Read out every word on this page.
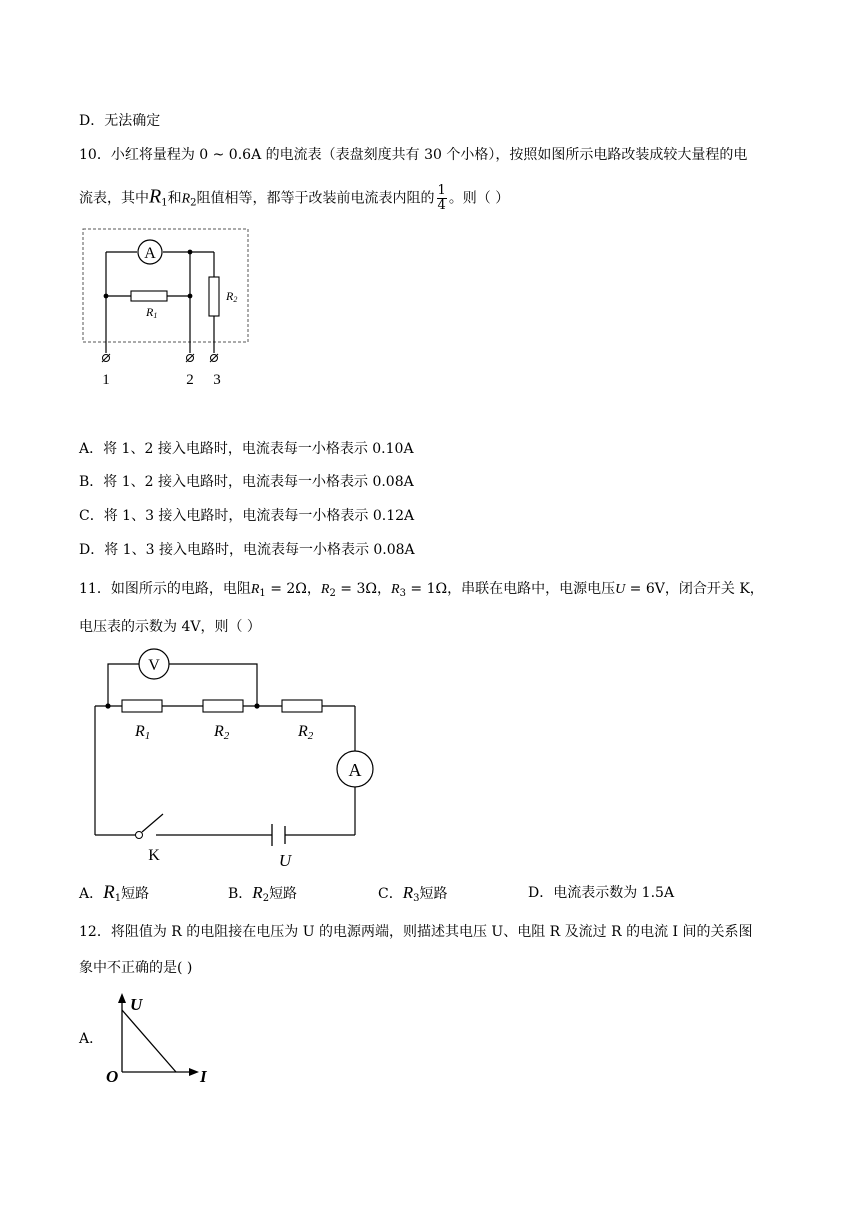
D．无法确定
10．小红将量程为 0 ~ 0.6A 的电流表（表盘刻度共有 30 个小格），按照如图所示电路改装成较大量程的电
流表，其中$R_1$和$R_2$阻值相等，都等于改装前电流表内阻的 $\frac{1}{4}$ 。则（ ）
A
R1
R2
1	2 3
A．将 1、2 接入电路时，电流表每一小格表示 0.10A
B．将 1、2 接入电路时，电流表每一小格表示 0.08A
C．将 1、3 接入电路时，电流表每一小格表示 0.12A
D．将 1、3 接入电路时，电流表每一小格表示 0.08A
11．如图所示的电路，电阻$R_1 = 2\Omega$，$R_2 = 3\Omega$，$R_3 = 1\Omega$，串联在电路中，电源电压U = 6V，闭合开关 K，
电压表的示数为 4V，则（ ）
V
R1	R2	R2
A
K	U
A．$R_1$短路	B．$R_2$短路	C．$R_3$短路	D．电流表示数为 1.5A
12．将阻值为 R 的电阻接在电压为 U 的电源两端，则描述其电压 U、电阻 R 及流过 R 的电流 I 间的关系图
象中不正确的是( )
A．
U
I
O
